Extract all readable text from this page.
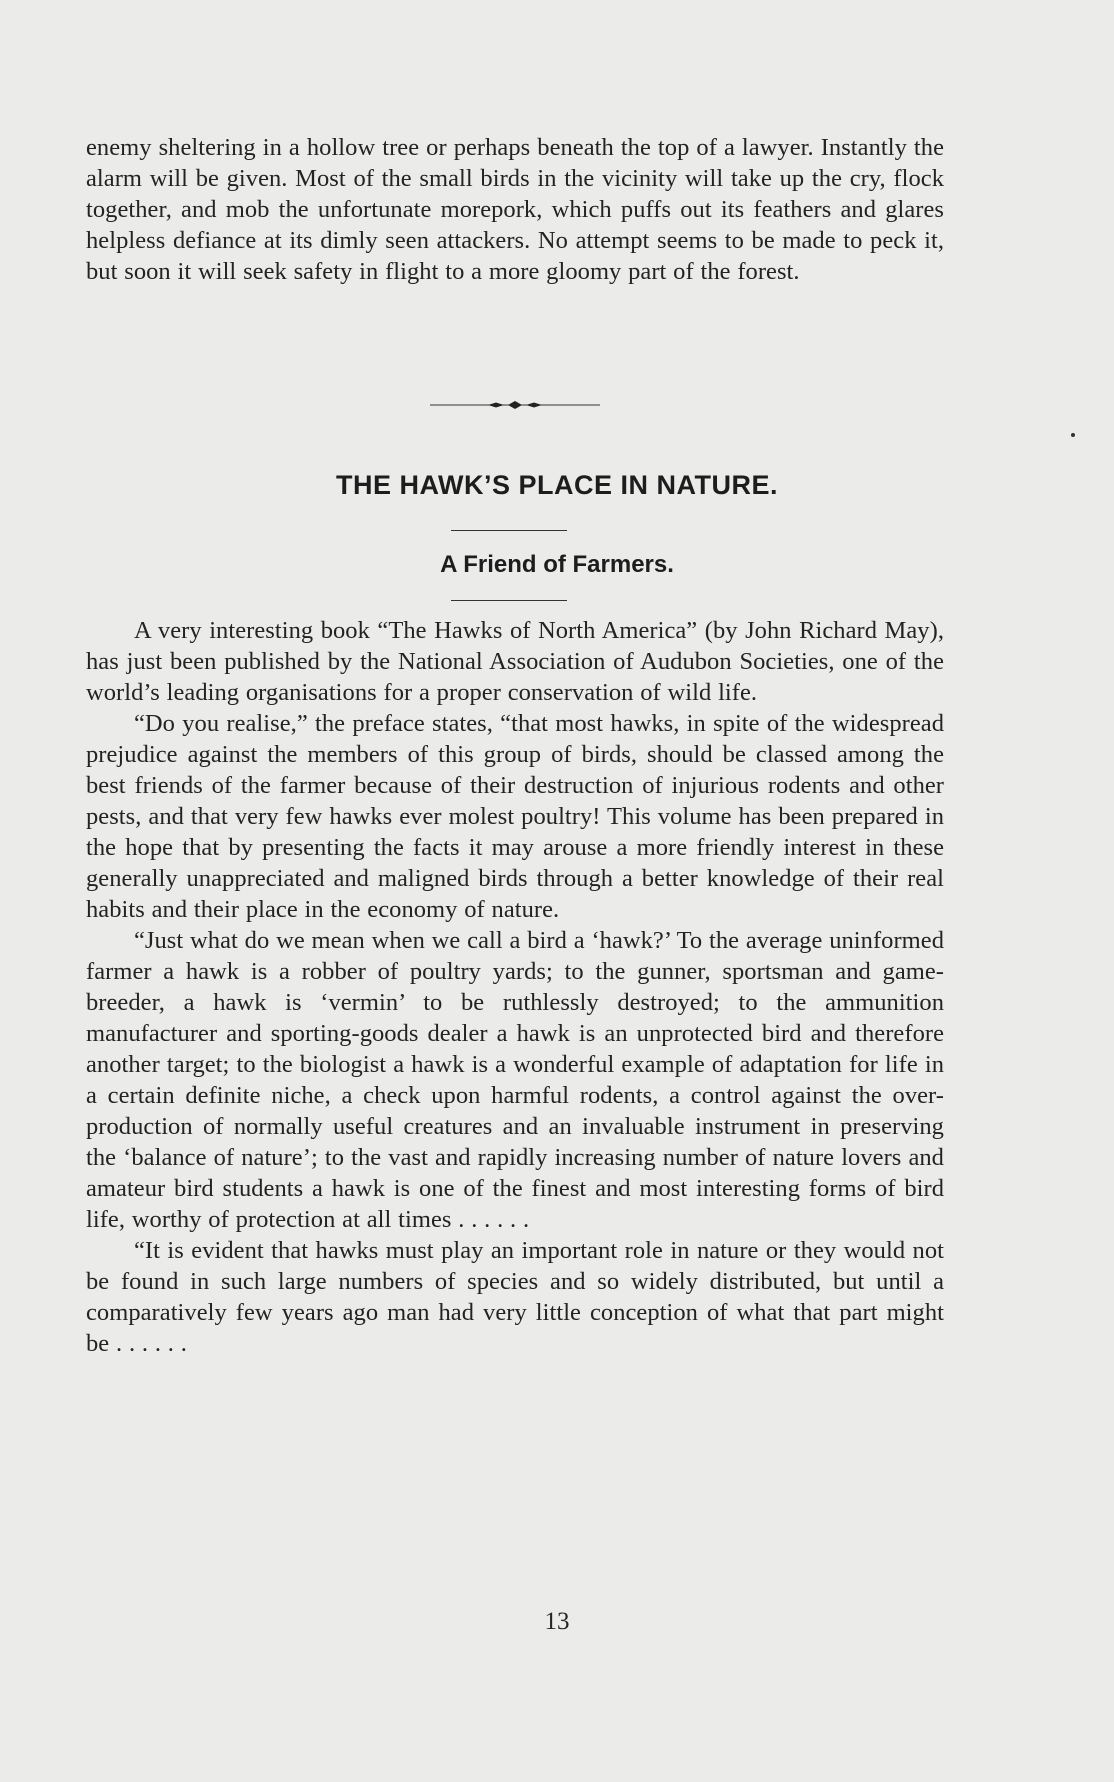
enemy sheltering in a hollow tree or perhaps beneath the top of a lawyer. Instantly the alarm will be given. Most of the small birds in the vicinity will take up the cry, flock together, and mob the unfortunate morepork, which puffs out its feathers and glares helpless defiance at its dimly seen attackers. No attempt seems to be made to peck it, but soon it will seek safety in flight to a more gloomy part of the forest.

THE HAWK’S PLACE IN NATURE.
A Friend of Farmers.

A very interesting book “The Hawks of North America” (by John Richard May), has just been published by the National Association of Audubon Societies, one of the world’s leading organisations for a proper conservation of wild life.

“Do you realise,” the preface states, “that most hawks, in spite of the widespread prejudice against the members of this group of birds, should be classed among the best friends of the farmer because of their destruction of injurious rodents and other pests, and that very few hawks ever molest poultry! This volume has been prepared in the hope that by presenting the facts it may arouse a more friendly interest in these generally unappreciated and maligned birds through a better knowledge of their real habits and their place in the economy of nature.

“Just what do we mean when we call a bird a ‘hawk?’ To the average uninformed farmer a hawk is a robber of poultry yards; to the gunner, sportsman and game-breeder, a hawk is ‘vermin’ to be ruthlessly destroyed; to the ammunition manufacturer and sporting-goods dealer a hawk is an unprotected bird and therefore another target; to the biologist a hawk is a wonderful example of adaptation for life in a certain definite niche, a check upon harmful rodents, a control against the over-production of normally useful creatures and an invaluable instrument in preserving the ‘balance of nature’; to the vast and rapidly increasing number of nature lovers and amateur bird students a hawk is one of the finest and most interesting forms of bird life, worthy of protection at all times . . . . . .

“It is evident that hawks must play an important role in nature or they would not be found in such large numbers of species and so widely distributed, but until a comparatively few years ago man had very little conception of what that part might be . . . . . .

13
